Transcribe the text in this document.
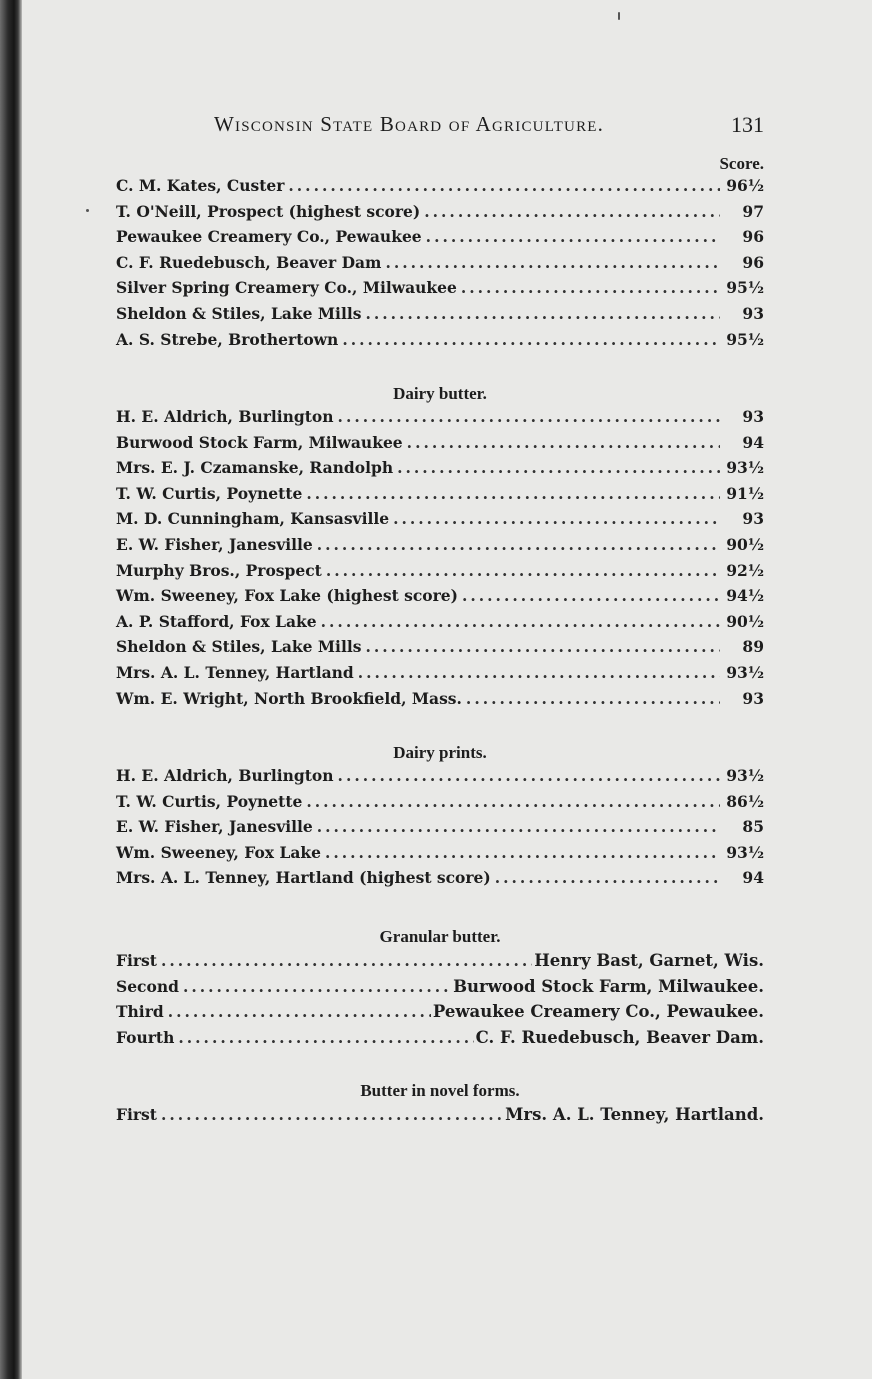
Wisconsin State Board of Agriculture.	131
Score.
C. M. Kates, Custer . . .	96½
T. O'Neill, Prospect (highest score) . . .	97
Pewaukee Creamery Co., Pewaukee . . .	96
C. F. Ruedebusch, Beaver Dam . . .	96
Silver Spring Creamery Co., Milwaukee . . .	95½
Sheldon & Stiles, Lake Mills . . .	93
A. S. Strebe, Brothertown . . .	95½
Dairy butter.
H. E. Aldrich, Burlington . . .	93
Burwood Stock Farm, Milwaukee . . .	94
Mrs. E. J. Czamanske, Randolph . . .	93½
T. W. Curtis, Poynette . . .	91½
M. D. Cunningham, Kansasville . . .	93
E. W. Fisher, Janesville . . .	90½
Murphy Bros., Prospect . . .	92½
Wm. Sweeney, Fox Lake (highest score) . . .	94½
A. P. Stafford, Fox Lake . . .	90½
Sheldon & Stiles, Lake Mills . . .	89
Mrs. A. L. Tenney, Hartland . . .	93½
Wm. E. Wright, North Brookfield, Mass. . . .	93
Dairy prints.
H. E. Aldrich, Burlington . . .	93½
T. W. Curtis, Poynette . . .	86½
E. W. Fisher, Janesville . . .	85
Wm. Sweeney, Fox Lake . . .	93½
Mrs. A. L. Tenney, Hartland (highest score) . . .	94
Granular butter.
First . . .	Henry Bast, Garnet, Wis.
Second . . .	Burwood Stock Farm, Milwaukee.
Third . . .	Pewaukee Creamery Co., Pewaukee.
Fourth . . .	C. F. Ruedebusch, Beaver Dam.
Butter in novel forms.
First . . .	Mrs. A. L. Tenney, Hartland.
